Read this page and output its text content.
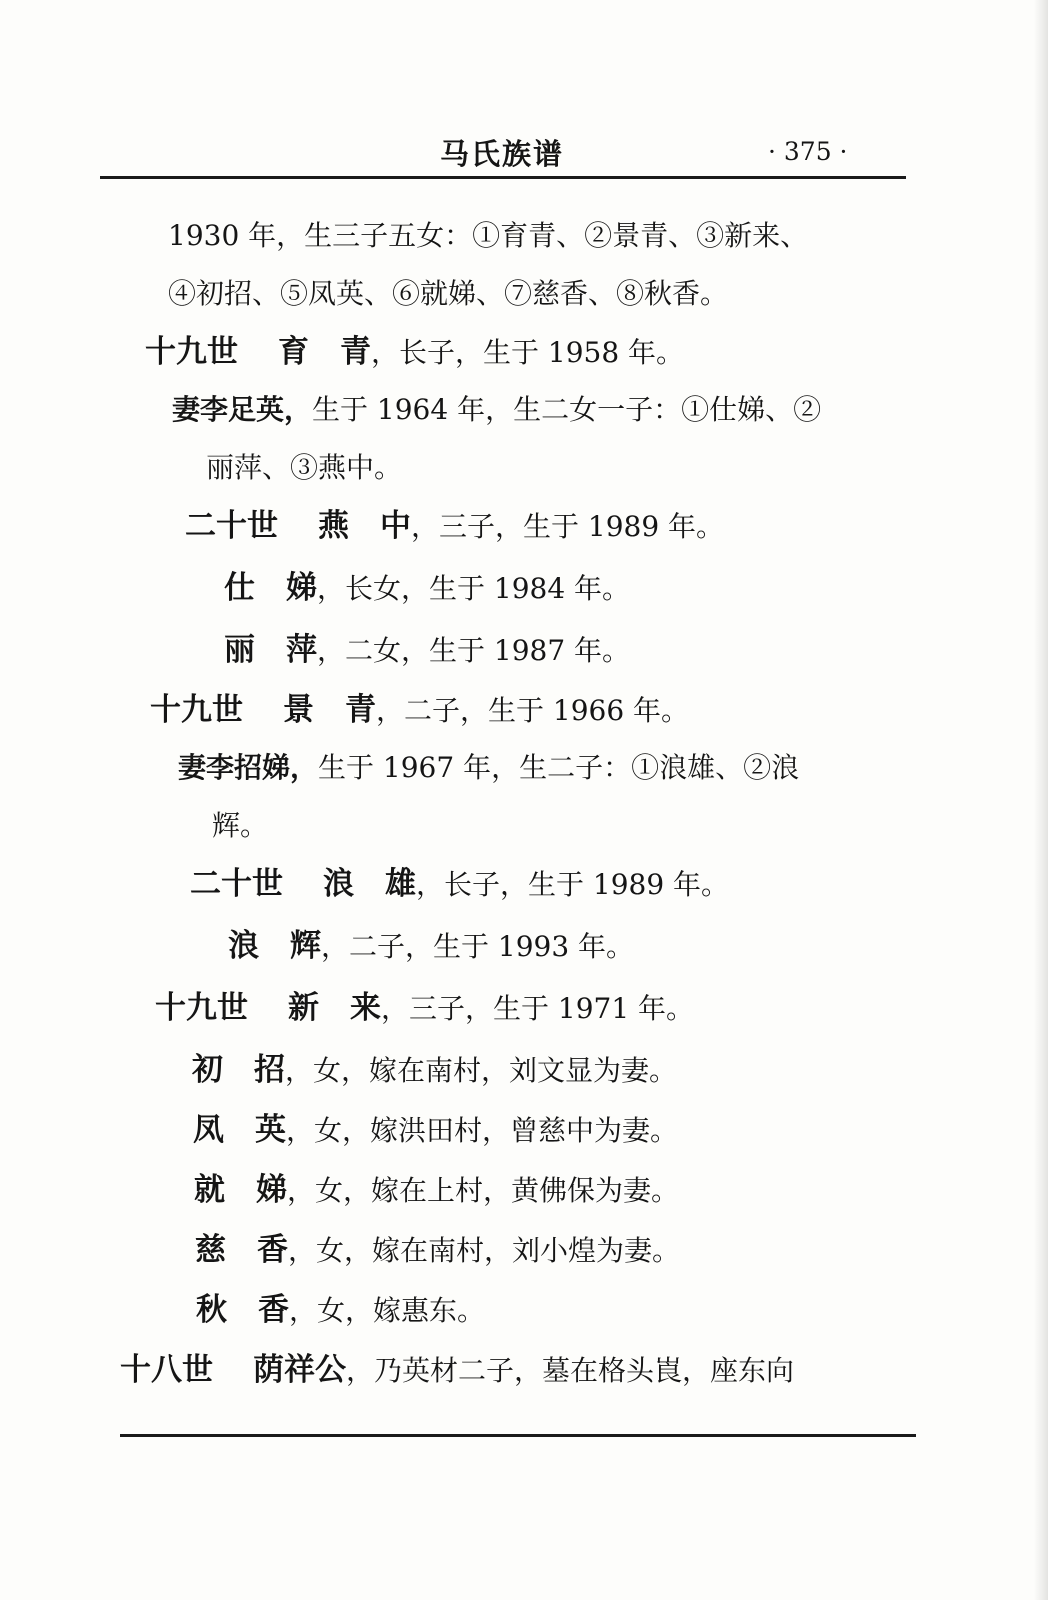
马氏族谱	· 375 ·
1930 年，生三子五女：①育青、②景青、③新来、
④初招、⑤凤英、⑥就娣、⑦慈香、⑧秋香。
十九世 育　青，长子，生于 1958 年。
妻李足英，生于 1964 年，生二女一子：①仕娣、②
丽萍、③燕中。
二十世 燕　中，三子，生于 1989 年。
仕　娣，长女，生于 1984 年。
丽　萍，二女，生于 1987 年。
十九世 景　青，二子，生于 1966 年。
妻李招娣，生于 1967 年，生二子：①浪雄、②浪
辉。
二十世 浪　雄，长子，生于 1989 年。
浪　辉，二子，生于 1993 年。
十九世 新　来，三子，生于 1971 年。
初　招，女，嫁在南村，刘文显为妻。
凤　英，女，嫁洪田村，曾慈中为妻。
就　娣，女，嫁在上村，黄佛保为妻。
慈　香，女，嫁在南村，刘小煌为妻。
秋　香，女，嫁惠东。
十八世 荫祥公，乃英材二子，墓在格头崀，座东向
